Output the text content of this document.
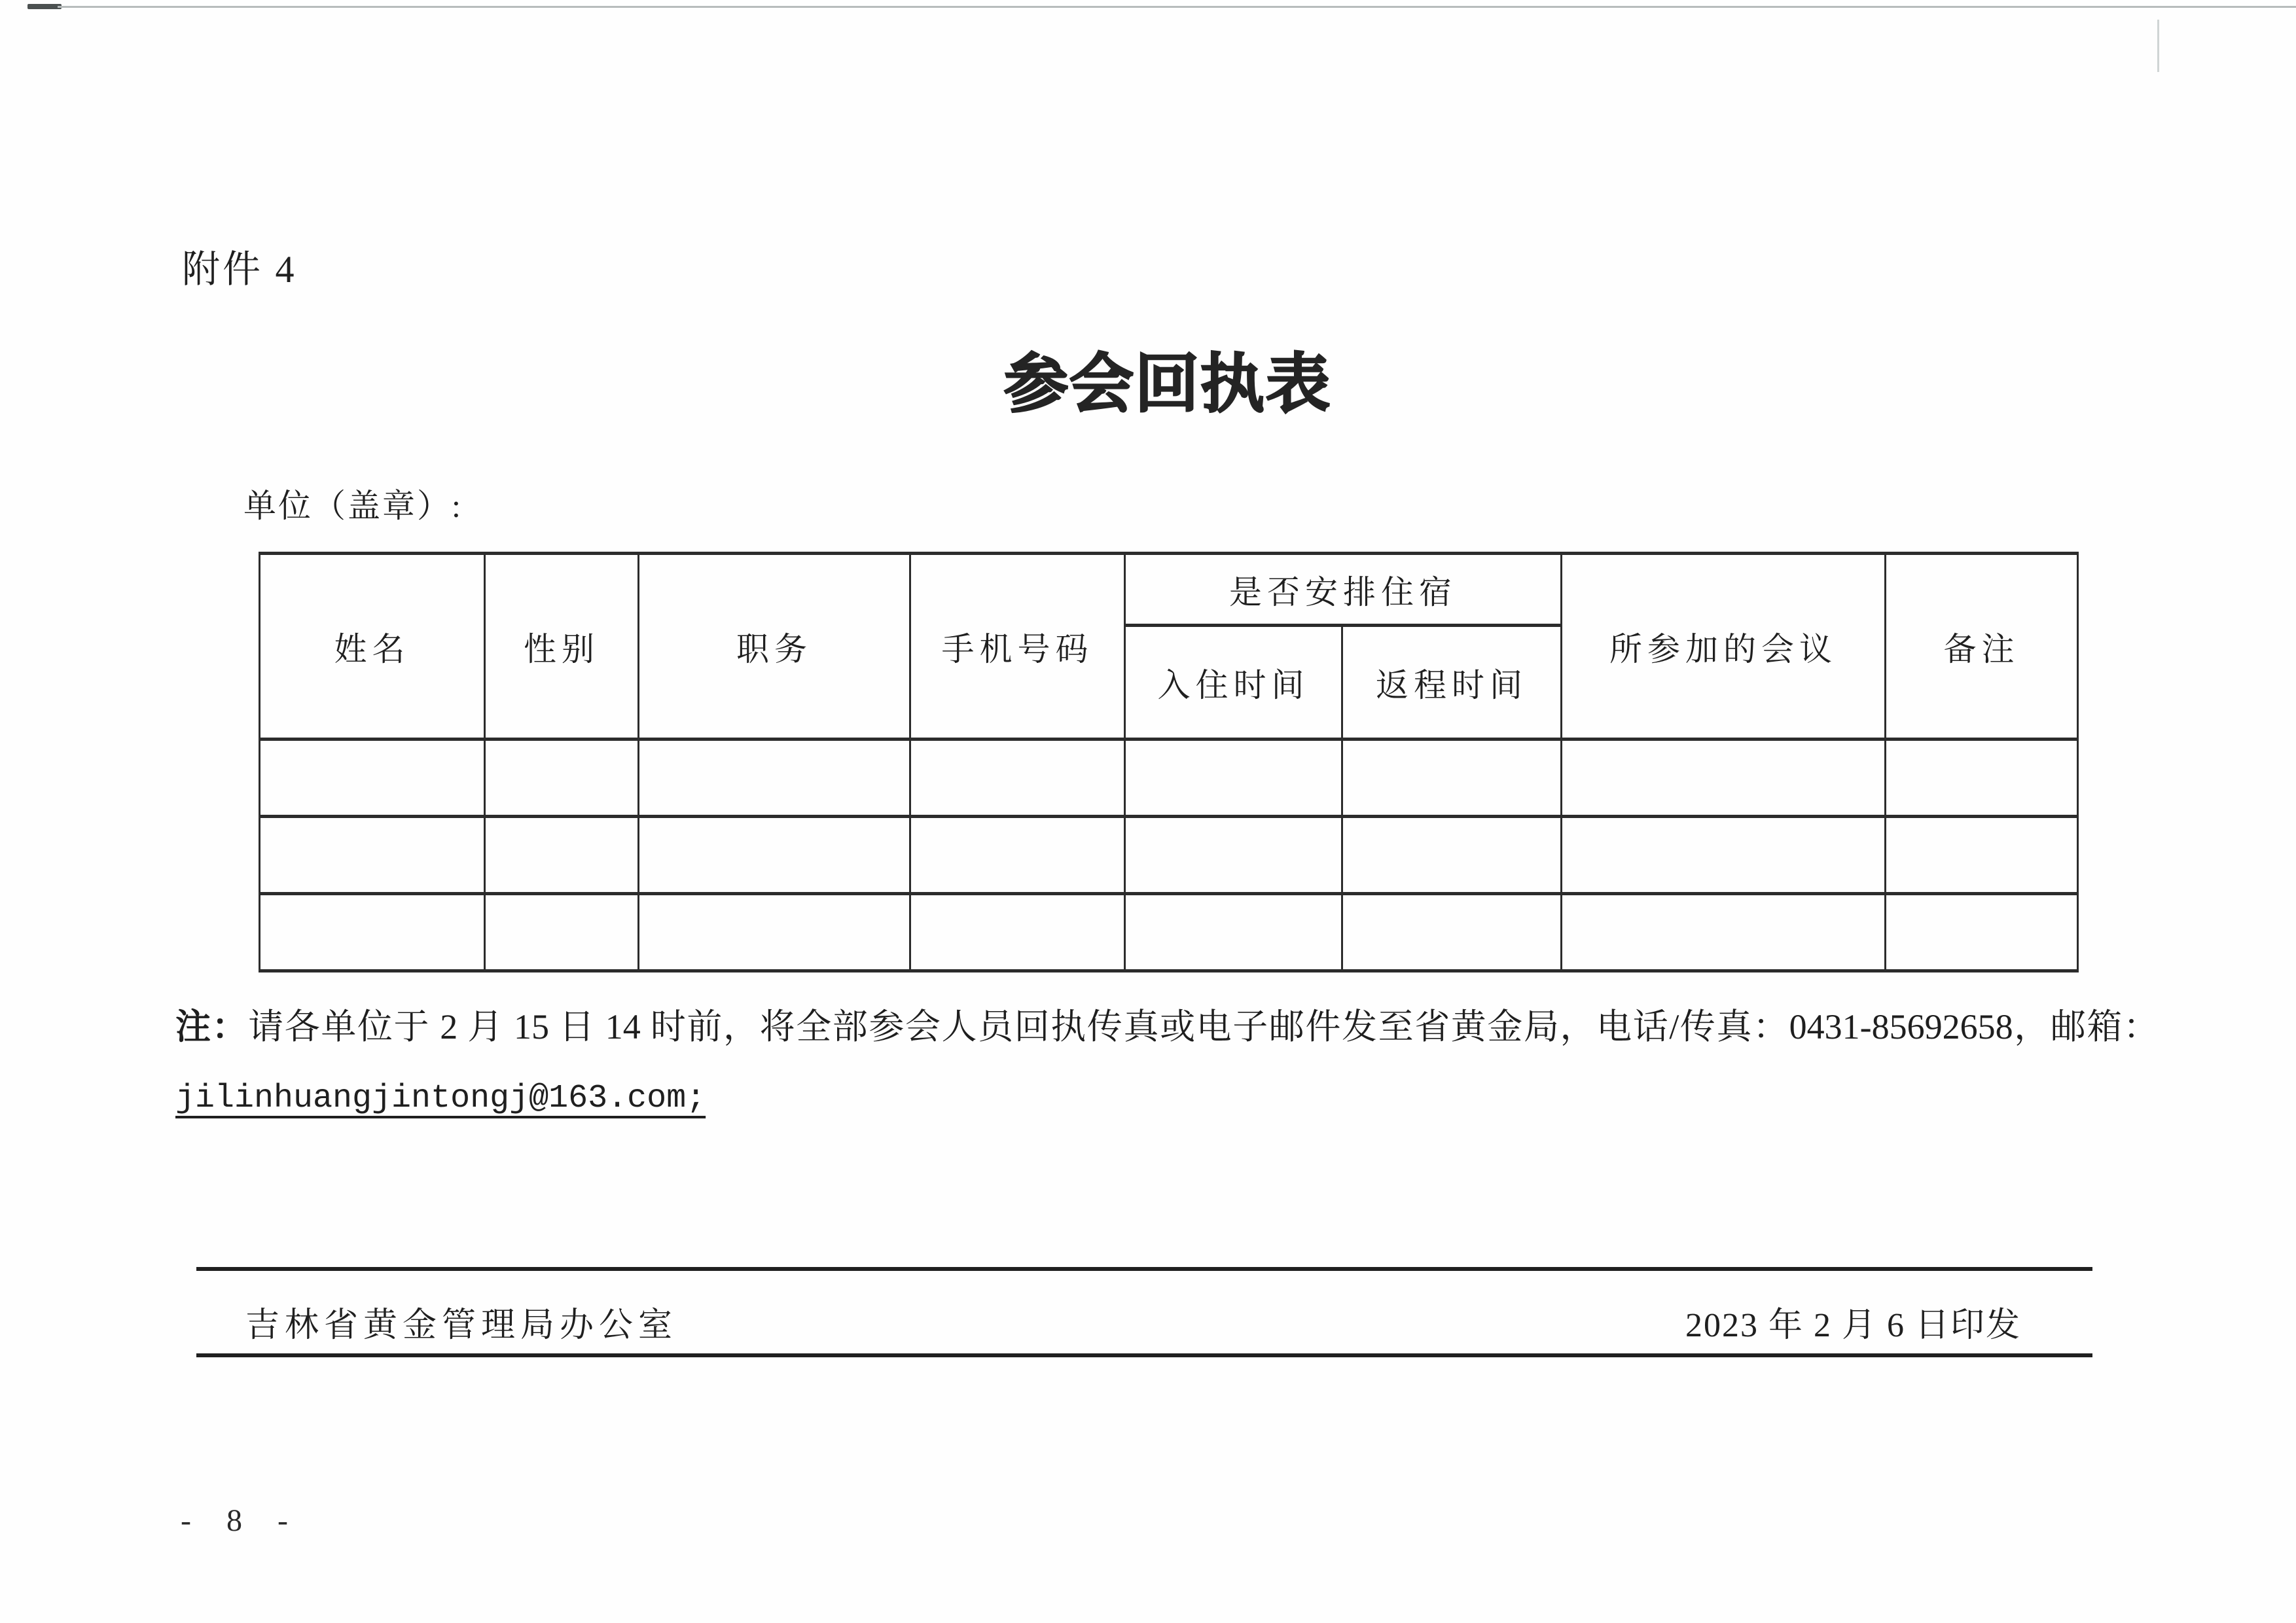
附件 4
参会回执表
单位（盖章）:
姓名	性别	职务	手机号码	是否安排住宿		所参加的会议	备注
				入住时间	返程时间		

注：请各单位于 2 月 15 日 14 时前，将全部参会人员回执传真或电子邮件发至省黄金局，电话/传真：0431-85692658，邮箱：
jilinhuangjintongj@163.com;
吉林省黄金管理局办公室	2023 年 2 月 6 日印发
- 8 -
